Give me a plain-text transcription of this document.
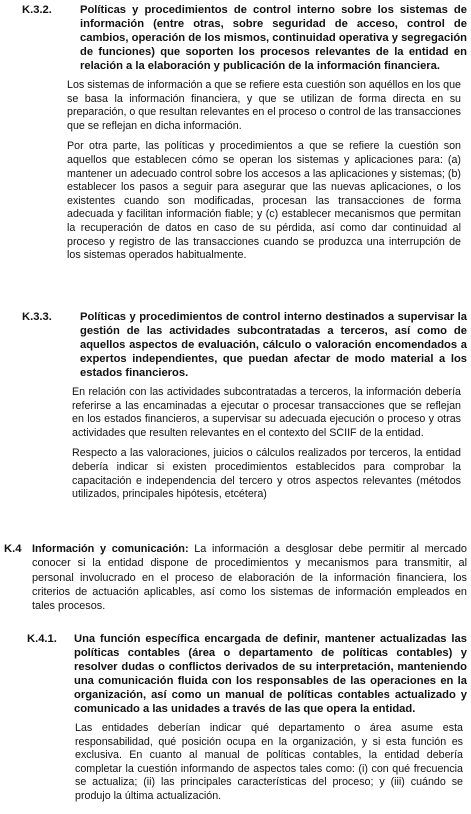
K.3.2.	Políticas y procedimientos de control interno sobre los sistemas de información (entre otras, sobre seguridad de acceso, control de cambios, operación de los mismos, continuidad operativa y segregación de funciones) que soporten los procesos relevantes de la entidad en relación a la elaboración y publicación de la información financiera.

Los sistemas de información a que se refiere esta cuestión son aquéllos en los que se basa la información financiera, y que se utilizan de forma directa en su preparación, o que resultan relevantes en el proceso o control de las transacciones que se reflejan en dicha información.

Por otra parte, las políticas y procedimientos a que se refiere la cuestión son aquellos que establecen cómo se operan los sistemas y aplicaciones para: (a) mantener un adecuado control sobre los accesos a las aplicaciones y sistemas; (b) establecer los pasos a seguir para asegurar que las nuevas aplicaciones, o los existentes cuando son modificadas, procesan las transacciones de forma adecuada y facilitan información fiable; y (c) establecer mecanismos que permitan la recuperación de datos en caso de su pérdida, así como dar continuidad al proceso y registro de las transacciones cuando se produzca una interrupción de los sistemas operados habitualmente.

K.3.3.	Políticas y procedimientos de control interno destinados a supervisar la gestión de las actividades subcontratadas a terceros, así como de aquellos aspectos de evaluación, cálculo o valoración encomendados a expertos independientes, que puedan afectar de modo material a los estados financieros.

En relación con las actividades subcontratadas a terceros, la información debería referirse a las encaminadas a ejecutar o procesar transacciones que se reflejan en los estados financieros, a supervisar su adecuada ejecución o proceso y otras actividades que resulten relevantes en el contexto del SCIIF de la entidad.

Respecto a las valoraciones, juicios o cálculos realizados por terceros, la entidad debería indicar si existen procedimientos establecidos para comprobar la capacitación e independencia del tercero y otros aspectos relevantes (métodos utilizados, principales hipótesis, etcétera)

K.4 Información y comunicación: La información a desglosar debe permitir al mercado conocer si la entidad dispone de procedimientos y mecanismos para transmitir, al personal involucrado en el proceso de elaboración de la información financiera, los criterios de actuación aplicables, así como los sistemas de información empleados en tales procesos.

K.4.1. Una función específica encargada de definir, mantener actualizadas las políticas contables (área o departamento de políticas contables) y resolver dudas o conflictos derivados de su interpretación, manteniendo una comunicación fluida con los responsables de las operaciones en la organización, así como un manual de políticas contables actualizado y comunicado a las unidades a través de las que opera la entidad.

Las entidades deberían indicar qué departamento o área asume esta responsabilidad, qué posición ocupa en la organización, y si esta función es exclusiva. En cuanto al manual de políticas contables, la entidad debería completar la cuestión informando de aspectos tales como: (i) con qué frecuencia se actualiza; (ii) las principales características del proceso; y (iii) cuándo se produjo la última actualización.
